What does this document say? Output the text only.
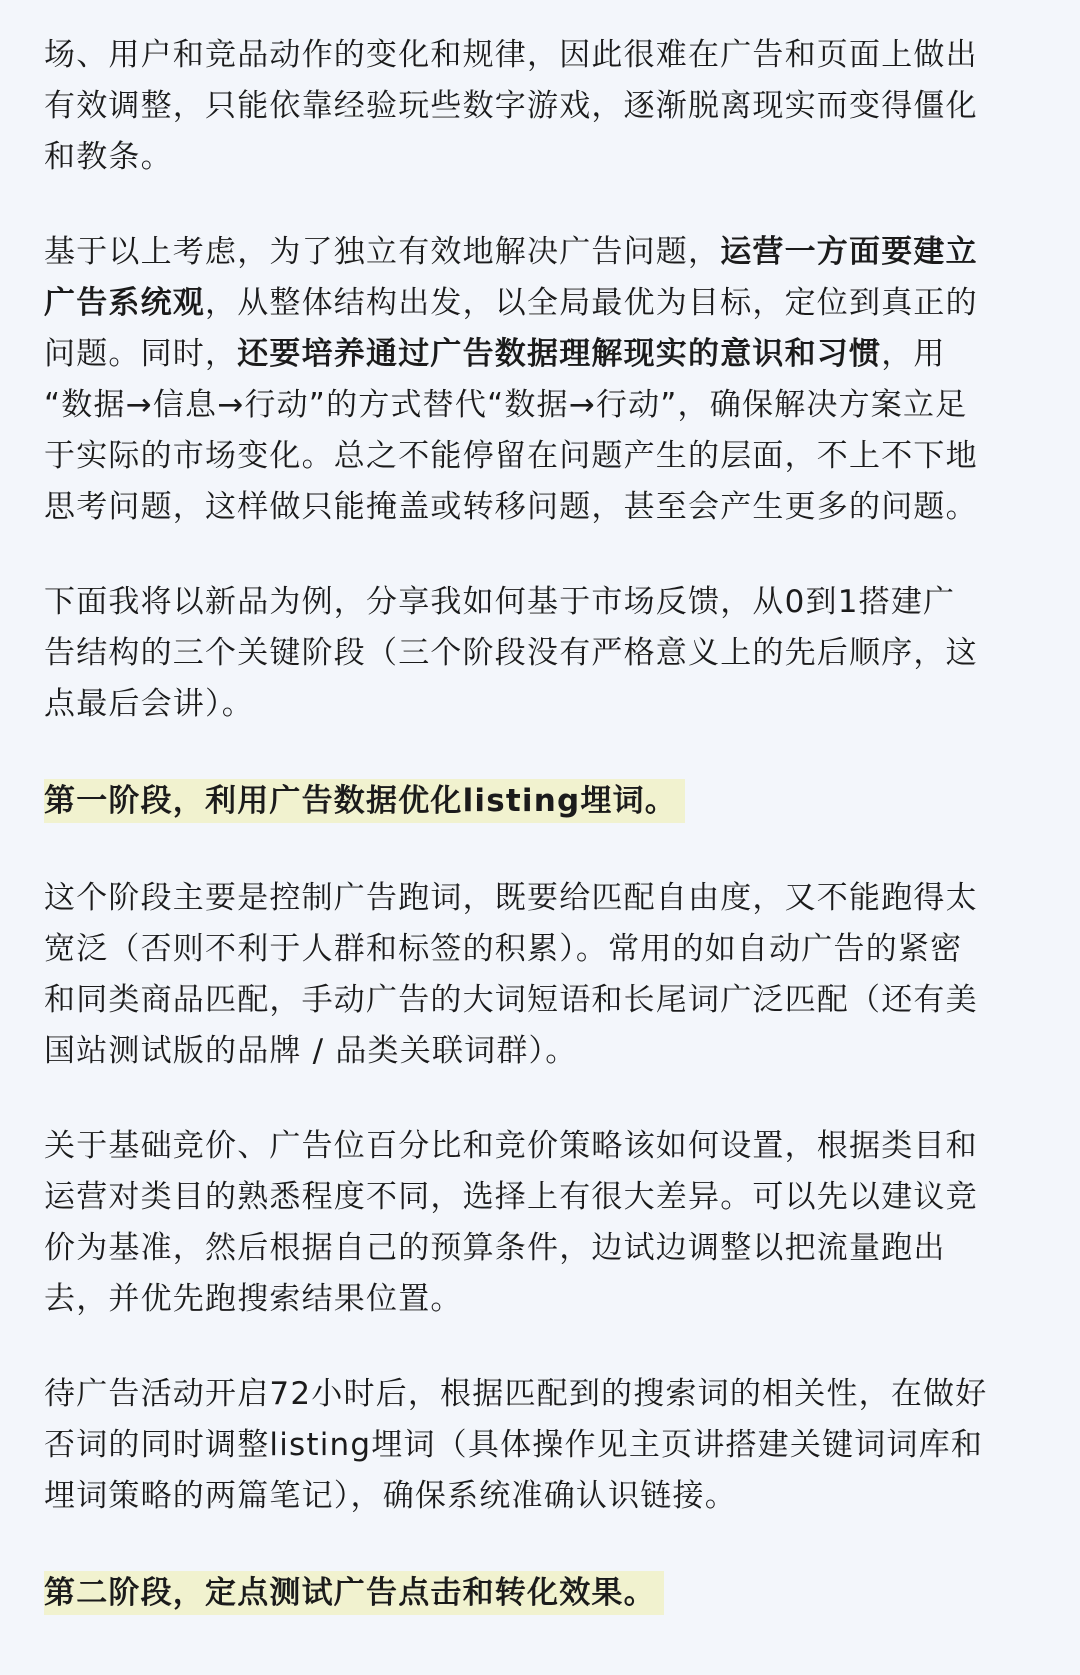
场、用户和竞品动作的变化和规律，因此很难在广告和页面上做出
有效调整，只能依靠经验玩些数字游戏，逐渐脱离现实而变得僵化
和教条。

基于以上考虑，为了独立有效地解决广告问题，运营一方面要建立
广告系统观，从整体结构出发，以全局最优为目标，定位到真正的
问题。同时，还要培养通过广告数据理解现实的意识和习惯，用
“数据→信息→行动”的方式替代“数据→行动”，确保解决方案立足
于实际的市场变化。总之不能停留在问题产生的层面，不上不下地
思考问题，这样做只能掩盖或转移问题，甚至会产生更多的问题。

下面我将以新品为例，分享我如何基于市场反馈，从0到1搭建广
告结构的三个关键阶段（三个阶段没有严格意义上的先后顺序，这
点最后会讲）。

第一阶段，利用广告数据优化listing埋词。

这个阶段主要是控制广告跑词，既要给匹配自由度，又不能跑得太
宽泛（否则不利于人群和标签的积累）。常用的如自动广告的紧密
和同类商品匹配，手动广告的大词短语和长尾词广泛匹配（还有美
国站测试版的品牌 / 品类关联词群）。

关于基础竞价、广告位百分比和竞价策略该如何设置，根据类目和
运营对类目的熟悉程度不同，选择上有很大差异。可以先以建议竞
价为基准，然后根据自己的预算条件，边试边调整以把流量跑出
去，并优先跑搜索结果位置。

待广告活动开启72小时后，根据匹配到的搜索词的相关性，在做好
否词的同时调整listing埋词（具体操作见主页讲搭建关键词词库和
埋词策略的两篇笔记），确保系统准确认识链接。

第二阶段，定点测试广告点击和转化效果。
